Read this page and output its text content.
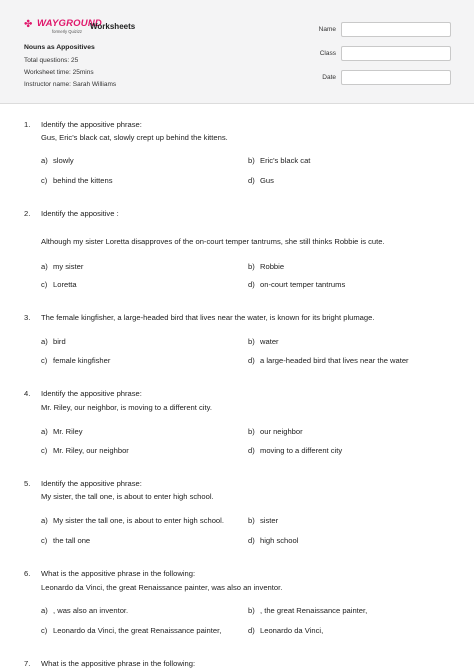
✤ WAYGROUND
formerly Quizizz
Worksheets
Nouns as Appositives
Total questions: 25
Worksheet time: 25mins
Instructor name: Sarah Williams
Name
Class
Date
1. Identify the appositive phrase:
Gus, Eric's black cat, slowly crept up behind the kittens.
a) slowly	b) Eric's black cat
c) behind the kittens	d) Gus
2. Identify the appositive :
Although my sister Loretta disapproves of the on-court temper tantrums, she still thinks Robbie is cute.
a) my sister	b) Robbie
c) Loretta	d) on-court temper tantrums
3. The female kingfisher, a large-headed bird that lives near the water, is known for its bright plumage.
a) bird	b) water
c) female kingfisher	d) a large-headed bird that lives near the water
4. Identify the appositive phrase:
Mr. Riley, our neighbor, is moving to a different city.
a) Mr. Riley	b) our neighbor
c) Mr. Riley, our neighbor	d) moving to a different city
5. Identify the appositive phrase:
My sister, the tall one, is about to enter high school.
a) My sister the tall one, is about to enter high school.	b) sister
c) the tall one	d) high school
6. What is the appositive phrase in the following:
Leonardo da Vinci, the great Renaissance painter, was also an inventor.
a) , was also an inventor.	b) , the great Renaissance painter,
c) Leonardo da Vinci, the great Renaissance painter,	d) Leonardo da Vinci,
7. What is the appositive phrase in the following:
